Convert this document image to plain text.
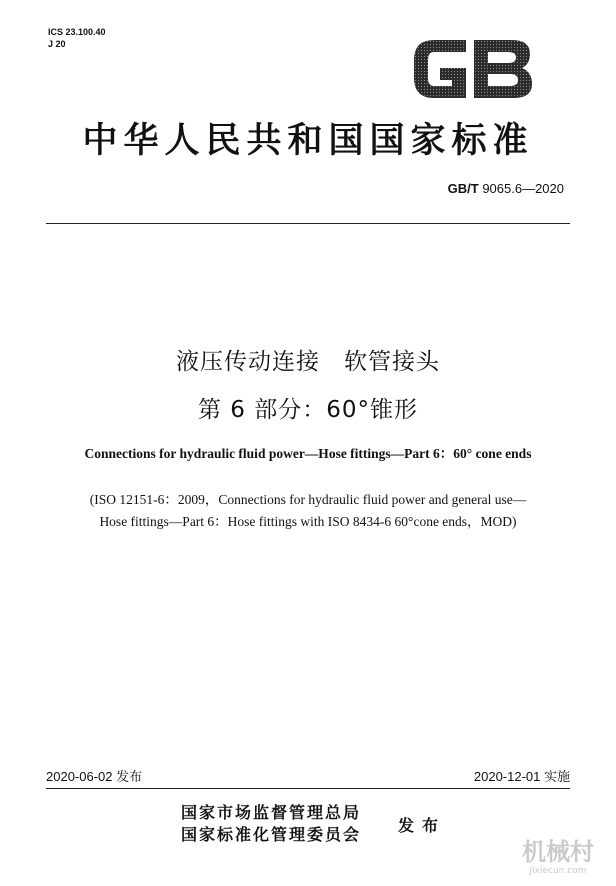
ICS 23.100.40
J 20
GB
中华人民共和国国家标准
GB/T 9065.6—2020
液压传动连接　软管接头
第 6 部分：60°锥形
Connections for hydraulic fluid power—Hose fittings—Part 6：60° cone ends
(ISO 12151-6：2009，Connections for hydraulic fluid power and general use—
Hose fittings—Part 6：Hose fittings with ISO 8434-6 60°cone ends，MOD)
2020-06-02 发布	2020-12-01 实施
国家市场监督管理总局
国家标准化管理委员会 发布
机械村
Jixiecun.com
